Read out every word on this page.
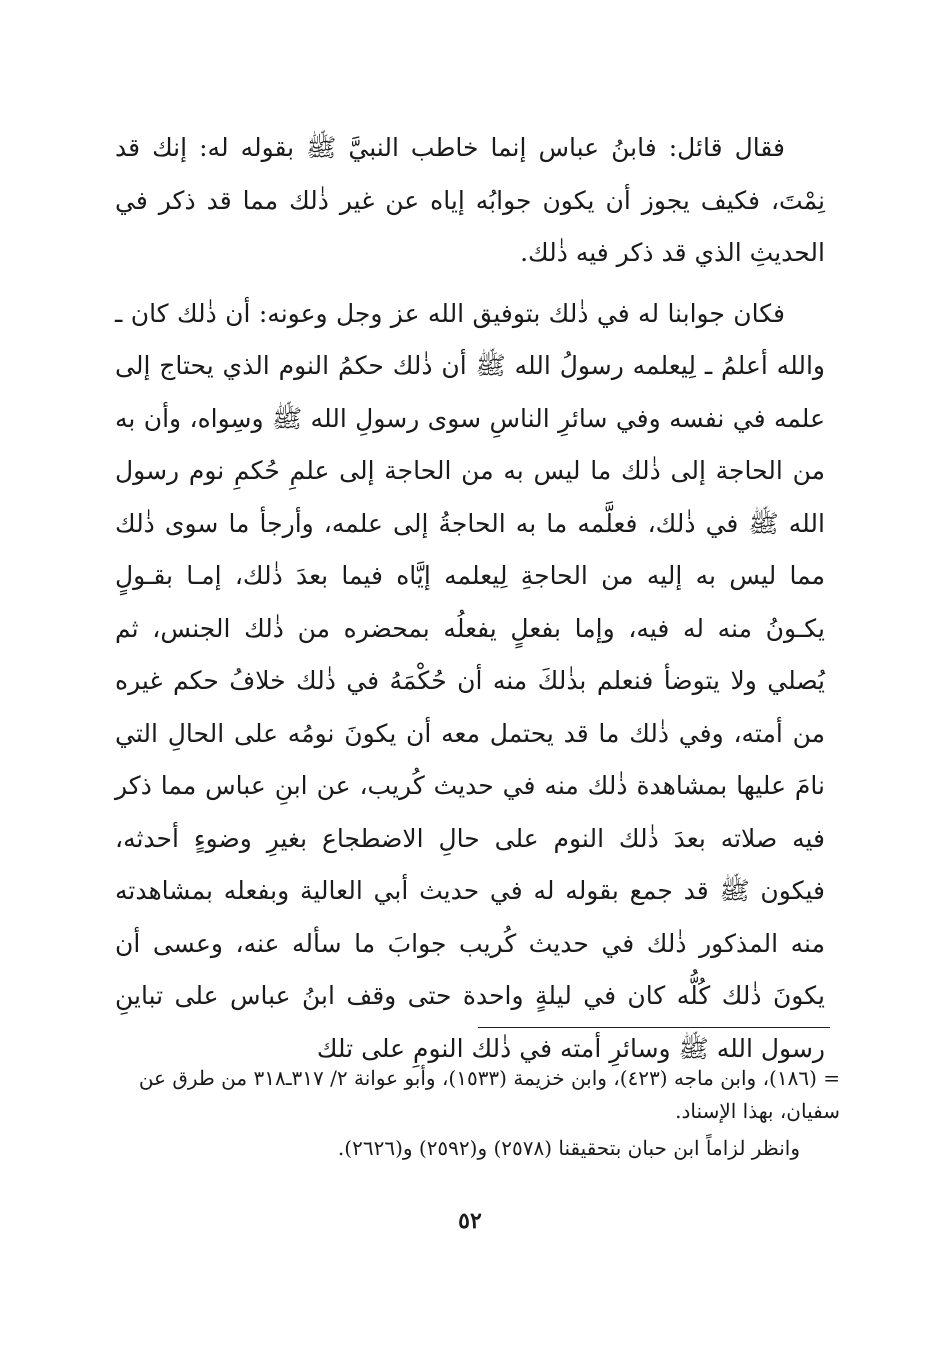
فقال قائل: فابنُ عباس إنما خاطب النبيَّ ﷺ بقوله له: إنك قد نِمْتَ، فكيف يجوز أن يكون جوابُه إياه عن غير ذٰلك مما قد ذكر في الحديثِ الذي قد ذكر فيه ذٰلك.

فكان جوابنا له في ذٰلك بتوفيق الله عز وجل وعونه: أن ذٰلك كان ـ والله أعلمُ ـ لِيعلمه رسولُ الله ﷺ أن ذٰلك حكمُ النوم الذي يحتاج إلى علمه في نفسه وفي سائرِ الناسِ سوى رسولِ الله ﷺ وسِواه، وأن به من الحاجة إلى ذٰلك ما ليس به من الحاجة إلى علمِ حُكمِ نوم رسول الله ﷺ في ذٰلك، فعلَّمه ما به الحاجةُ إلى علمه، وأرجأ ما سوى ذٰلك مما ليس به إليه من الحاجةِ لِيعلمه إيَّاه فيما بعدَ ذٰلك، إمـا بقـولٍ يكـونُ منه له فيه، وإما بفعلٍ يفعلُه بمحضره من ذٰلك الجنس، ثم يُصلي ولا يتوضأ فنعلم بذٰلكَ منه أن حُكْمَهُ في ذٰلك خلافُ حكم غيره من أمته، وفي ذٰلك ما قد يحتمل معه أن يكونَ نومُه على الحالِ التي نامَ عليها بمشاهدة ذٰلك منه في حديث كُريب، عن ابنِ عباس مما ذكر فيه صلاته بعدَ ذٰلك النوم على حالِ الاضطجاع بغيرِ وضوءٍ أحدثه، فيكون ﷺ قد جمع بقوله له في حديث أبي العالية وبفعله بمشاهدته منه المذكور ذٰلك في حديث كُريب جوابَ ما سأله عنه، وعسى أن يكونَ ذٰلك كُلُّه كان في ليلةٍ واحدة حتى وقف ابنُ عباس على تباينِ رسول الله ﷺ وسائرِ أمته في ذٰلك النومِ على تلك

= (١٨٦)، وابن ماجه (٤٢٣)، وابن خزيمة (١٥٣٣)، وأبو عوانة ٢/ ٣١٧ـ٣١٨ من طرق عن سفيان، بهذا الإسناد.

وانظر لزاماً ابن حبان بتحقيقنا (٢٥٧٨) و(٢٥٩٢) و(٢٦٢٦).

٥٢
